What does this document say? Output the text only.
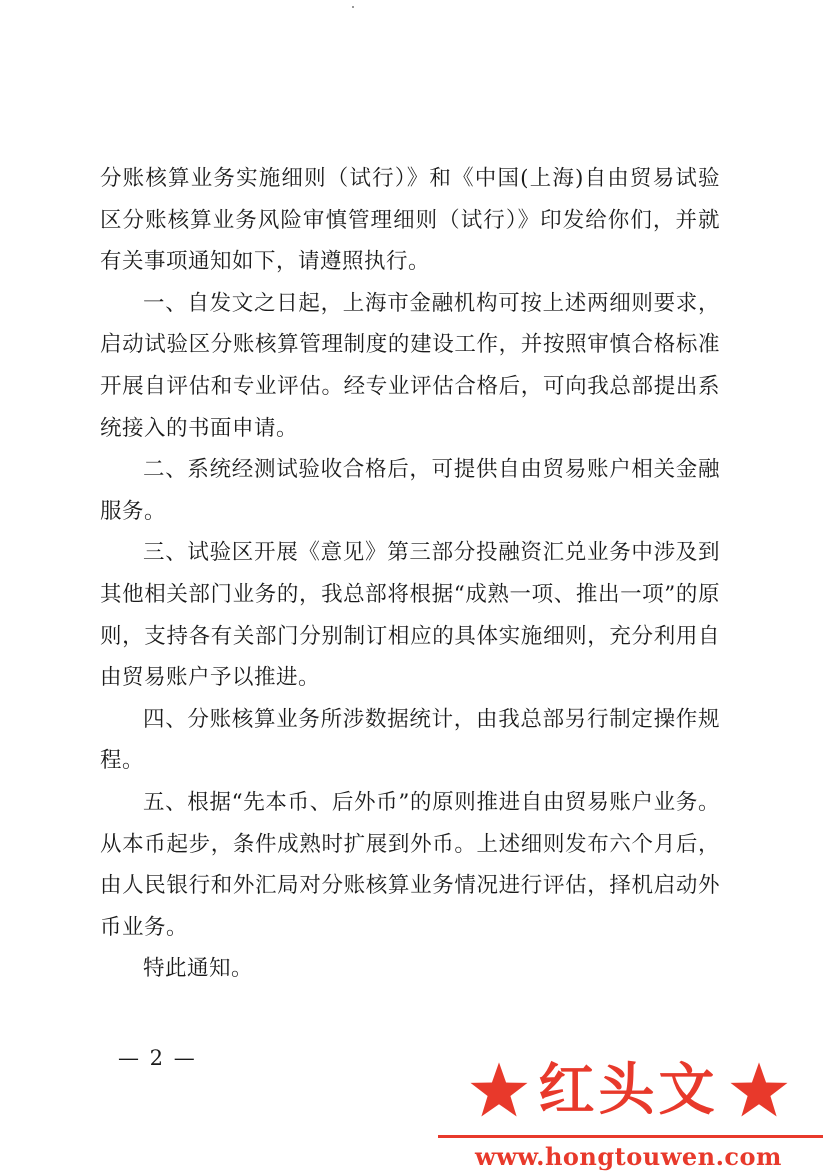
分账核算业务实施细则（试行）》和《中国(上海)自由贸易试验区分账核算业务风险审慎管理细则（试行）》印发给你们，并就有关事项通知如下，请遵照执行。

一、自发文之日起，上海市金融机构可按上述两细则要求，启动试验区分账核算管理制度的建设工作，并按照审慎合格标准开展自评估和专业评估。经专业评估合格后，可向我总部提出系统接入的书面申请。

二、系统经测试验收合格后，可提供自由贸易账户相关金融服务。

三、试验区开展《意见》第三部分投融资汇兑业务中涉及到其他相关部门业务的，我总部将根据“成熟一项、推出一项”的原则，支持各有关部门分别制订相应的具体实施细则，充分利用自由贸易账户予以推进。

四、分账核算业务所涉数据统计，由我总部另行制定操作规程。

五、根据“先本币、后外币”的原则推进自由贸易账户业务。从本币起步，条件成熟时扩展到外币。上述细则发布六个月后，由人民银行和外汇局对分账核算业务情况进行评估，择机启动外币业务。

特此通知。

— 2 —	红头文
www.hongtouwen.com
